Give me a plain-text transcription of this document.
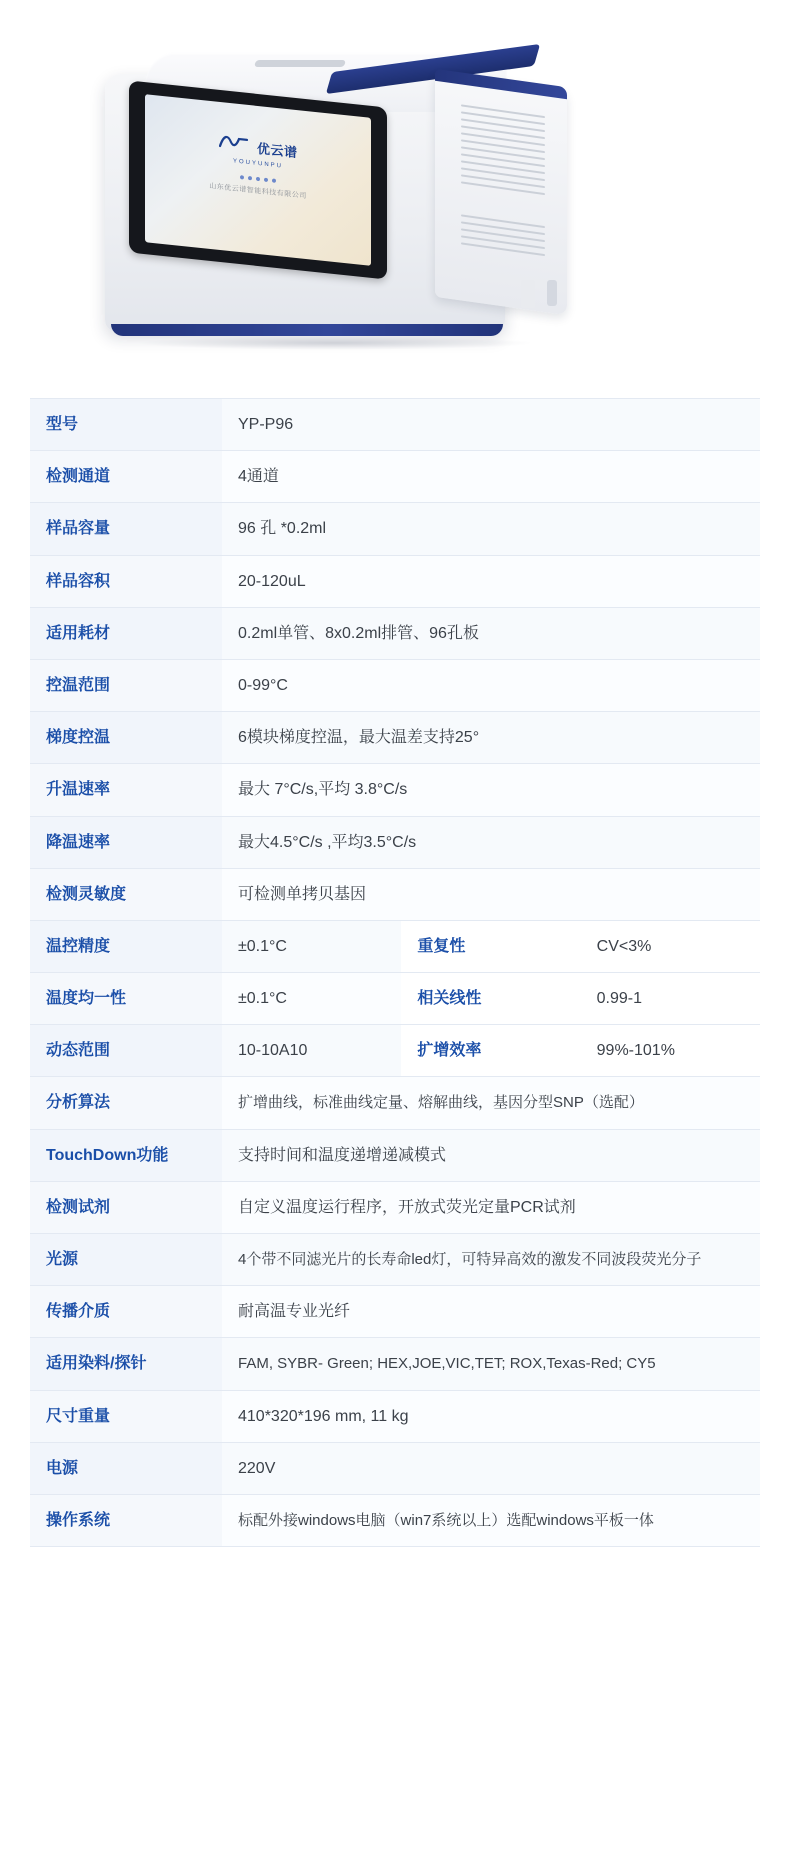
优云谱
YOUYUNPU
山东优云谱智能科技有限公司
型号	YP-P96		
检测通道	4通道		
样品容量	96 孔 *0.2ml		
样品容积	20-120uL		
适用耗材	0.2ml单管、8x0.2ml排管、96孔板		
控温范围	0-99°C		
梯度控温	6模块梯度控温，最大温差支持25°		
升温速率	最大 7°C/s,平均 3.8°C/s		
降温速率	最大4.5°C/s ,平均3.5°C/s		
检测灵敏度	可检测单拷贝基因		
温控精度	±0.1°C	重复性	CV<3%
温度均一性	±0.1°C	相关线性	0.99-1
动态范围	10-10A10	扩增效率	99%-101%
分析算法	扩增曲线，标准曲线定量、熔解曲线，基因分型SNP（选配）		
TouchDown功能	支持时间和温度递增递减模式		
检测试剂	自定义温度运行程序，开放式荧光定量PCR试剂		
光源	4个带不同滤光片的长寿命led灯，可特异高效的激发不同波段荧光分子		
传播介质	耐高温专业光纤		
适用染料/探针	FAM, SYBR- Green; HEX,JOE,VIC,TET; ROX,Texas-Red; CY5		
尺寸重量	410*320*196 mm, 11 kg		
电源	220V		
操作系统	标配外接windows电脑（win7系统以上）选配windows平板一体		
